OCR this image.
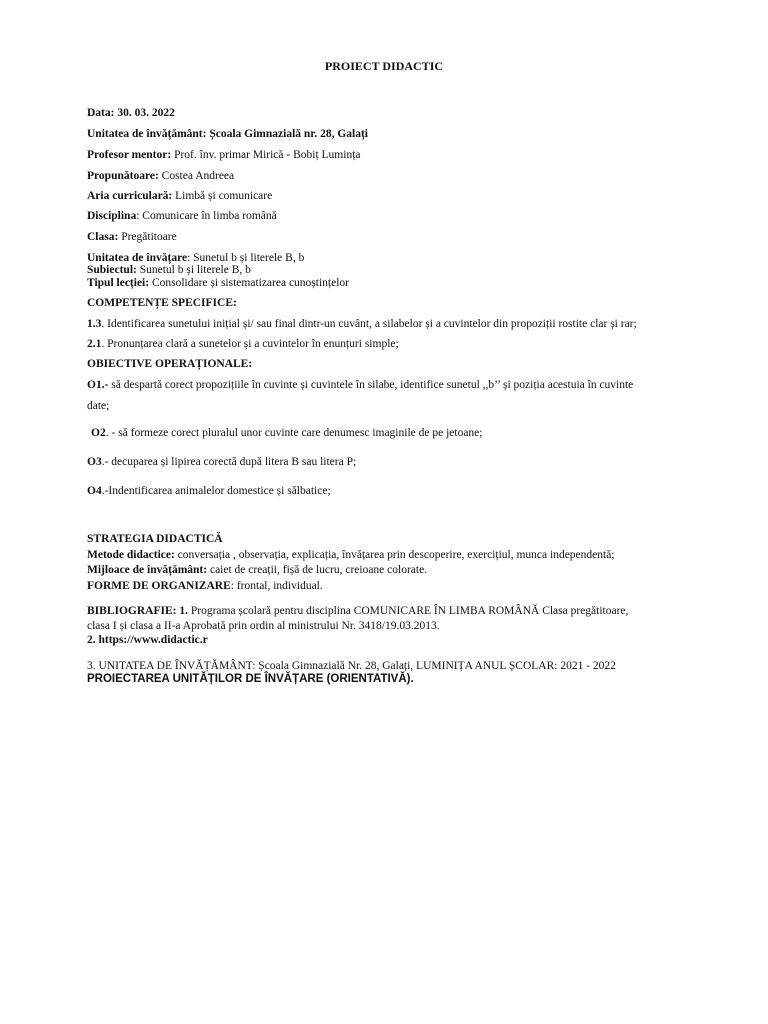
PROIECT DIDACTIC
Data: 30. 03. 2022
Unitatea de învățământ: Școala Gimnazială nr. 28, Galați
Profesor mentor: Prof. înv. primar Mirică - Bobiț Lumința
Propunătoare: Costea Andreea
Aria curriculară: Limbă și comunicare
Disciplina: Comunicare în limba română
Clasa: Pregătitoare
Unitatea de învățare: Sunetul b și literele B, b
Subiectul: Sunetul b și literele B, b
Tipul lecției: Consolidare și sistematizarea cunoștințelor
COMPETENȚE SPECIFICE:
1.3. Identificarea sunetului inițial și/ sau final dintr-un cuvânt, a silabelor și a cuvintelor din propoziții rostite clar și rar;
2.1. Pronunțarea clară a sunetelor și a cuvintelor în enunțuri simple;
OBIECTIVE OPERAȚIONALE:
O1.- să despartă corect propozițiile în cuvinte și cuvintele în silabe, identifice sunetul ,,b’’ și poziția acestuia în cuvinte
date;
O2. - să formeze corect pluralul unor cuvinte care denumesc imaginile de pe jetoane;
O3.- decuparea și lipirea corectă după litera B sau litera P;
O4.-Indentificarea animalelor domestice și sălbatice;
STRATEGIA DIDACTICĂ
Metode didactice: conversația , observația, explicația, învățarea prin descoperire, exercițiul, munca independentă;
Mijloace de învățământ: caiet de creații, fișă de lucru, creioane colorate.
FORME DE ORGANIZARE: frontal, individual.
BIBLIOGRAFIE: 1. Programa școlară pentru disciplina COMUNICARE ÎN LIMBA ROMÂNĂ Clasa pregătitoare,
clasa I și clasa a II-a Aprobată prin ordin al ministrului Nr. 3418/19.03.2013.
2. https://www.didactic.r
3. UNITATEA DE ÎNVĂȚĂMÂNT: Școala Gimnazială Nr. 28, Galați, LUMINIȚA ANUL ȘCOLAR: 2021 - 2022
PROIECTAREA UNITĂȚILOR DE ÎNVĂȚARE (ORIENTATIVĂ).
